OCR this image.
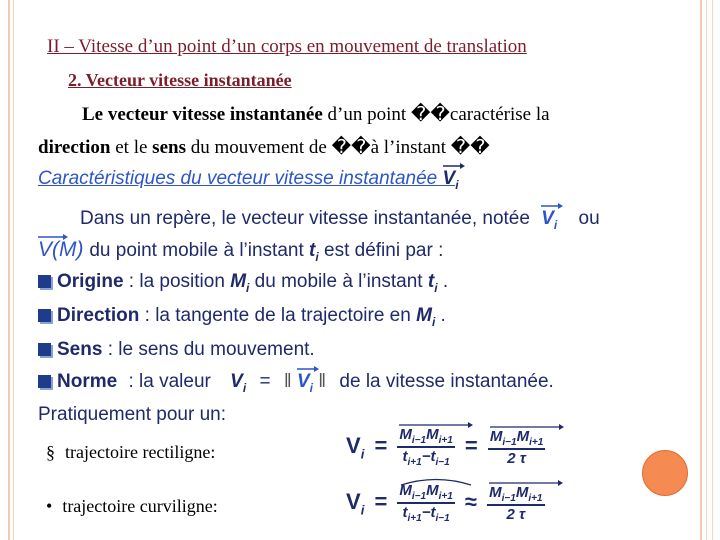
II – Vitesse d’un point d’un corps en mouvement de translation
2. Vecteur vitesse instantanée
Le vecteur vitesse instantanée d’un point ��caractérise la
direction et le sens du mouvement de ��à l’instant ��
Caractéristiques du vecteur vitesse instantanée $V_i$
Dans un repère, le vecteur vitesse instantanée, notée $V_i$ ou
V(M) du point mobile à l’instant $t_i$ est défini par :
Origine : la position $M_i$ du mobile à l’instant $t_i$ .
Direction : la tangente de la trajectoire en $M_i$ .
Sens : le sens du mouvement.
Norme : la valeur $V_i$ = ‖ $V_i$ ‖ de la vitesse instantanée.
Pratiquement pour un:
§ trajectoire rectiligne:
• trajectoire curviligne:
$V_i = \frac{M_{i-1}M_{i+1}}{t_{i+1}-t_{i-1}} = \frac{M_{i-1}M_{i+1}}{2 \tau}$
$V_i = \frac{M_{i-1}M_{i+1}}{t_{i+1}-t_{i-1}} \approx \frac{M_{i-1}M_{i+1}}{2 \tau}$
